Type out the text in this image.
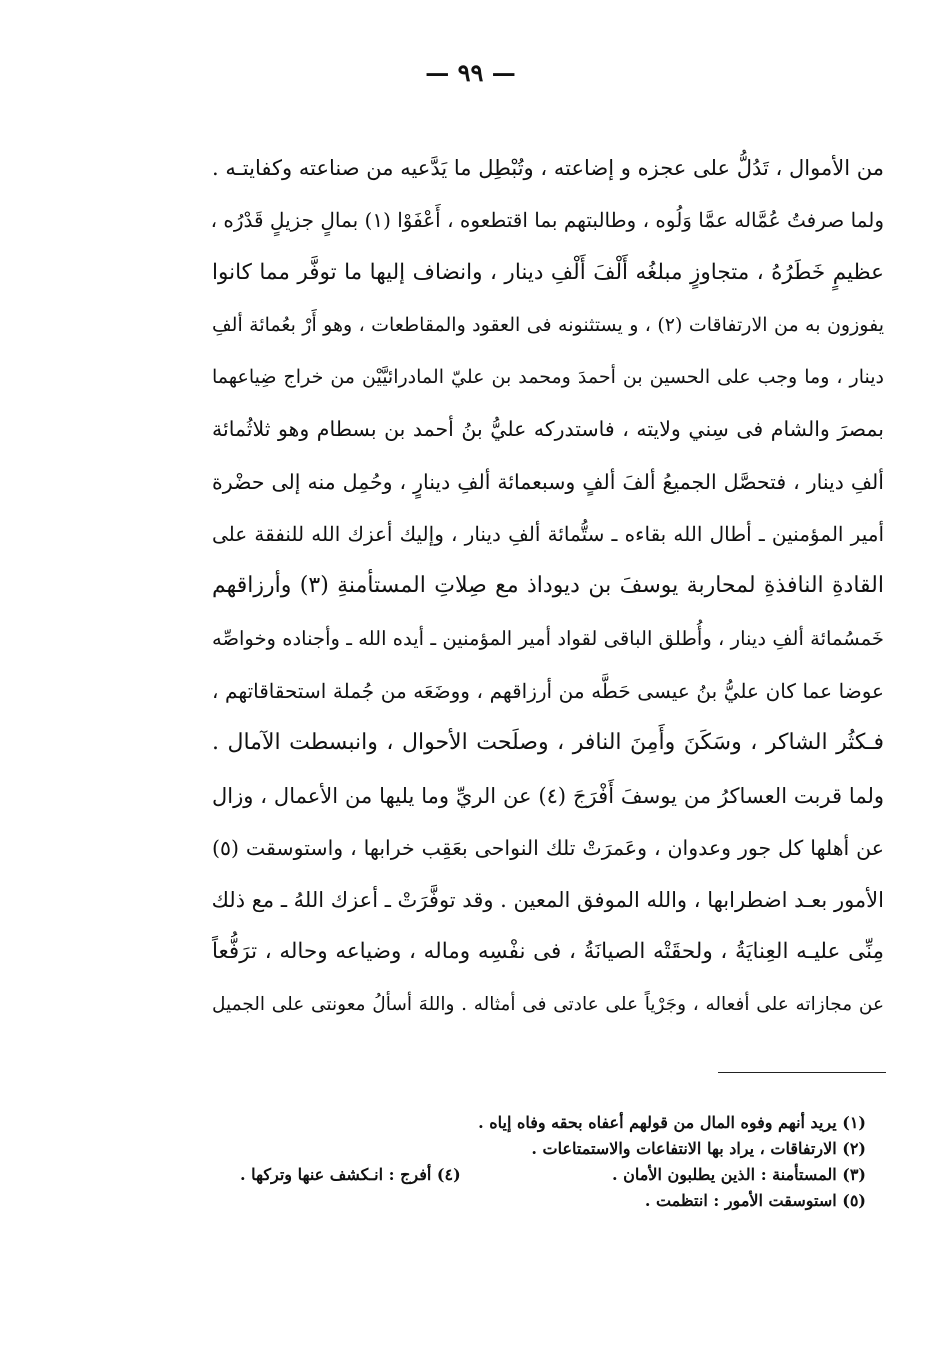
— ٩٩ —
من الأموال ، تَدُلُّ على عجزه و إضاعته ، وتُبْطِل ما يَدَّعيه من صناعته وكفايتـه .
ولما صرفتُ عُمَّاله عمَّا وَلُوه ، وطالبتهم بما اقتطعوه ، أَعْفَوْا (١) بمالٍ جزيلٍ قَدْرُه ،
عظيمٍ خَطَرُهُ ، متجاوزٍ مبلغُه أَلْفَ أَلْفِ دينار ، وانضاف إليها ما توفَّر مما كانوا
يفوزون به من الارتفاقات (٢) ، و يستثنونه فى العقود والمقاطعات ، وهو أَرْ بعُمائة ألفِ
دينار ، وما وجب على الحسين بن أحمدَ ومحمد بن عليّ المادرائيَّيْن من خراج ضِياعهما
بمصرَ والشام فى سِني ولايته ، فاستدركه عليُّ بنُ أحمد بن بسطام وهو ثلاثُمائة
ألفِ دينار ، فتحصَّل الجميعُ ألفَ ألفٍ وسبعمائة ألفِ دينارٍ ، وحُمِل منه إلى حضْرة
أمير المؤمنين ـ أطال الله بقاءه ـ ستُّمائة ألفِ دينار ، وإليك أعزك الله للنفقة على
القادةِ النافذةِ لمحاربة يوسفَ بن ديوداذ مع صِلاتِ المستأمنةِ (٣) وأرزاقهم
خَمسُمائة ألفِ دينار ، وأُطلق الباقى لقواد أمير المؤمنين ـ أيده الله ـ وأجناده وخواصِّه
عوضا عما كان عليُّ بنُ عيسى حَطَّه من أرزاقهم ، ووضَعَه من جُملة استحقاقاتهم ،
فـكثُر الشاكر ، وسَكَنَ وأَمِنَ النافر ، وصلَحت الأحوال ، وانبسطت الآمال .
ولما قربت العساكرُ من يوسفَ أَفْرَجَ (٤) عن الريِّ وما يليها من الأعمال ، وزال
عن أهلها كل جور وعدوان ، وعَمرَتْ تلك النواحى بعَقِب خرابها ، واستوسقت (٥)
الأمور بعـد اضطرابها ، والله الموفق المعين . وقد توفَّرَتْ ـ أعزك اللهُ ـ مع ذلك
مِنِّى عليـه العِنايَةُ ، ولحقَتْه الصيانَةُ ، فى نفْسِه وماله ، وضياعه وحاله ، ترَفُّعاً
عن مجازاته على أفعاله ، وجَرْياً على عادتى فى أمثاله . واللهَ أسألُ معونتى على الجميل
(١) يريد أنهم وفوه المال من قولهم أعفاه بحقه وفاه إياه .
(٢) الارتفاقات ، يراد بها الانتفاعات والاستمتاعات .
(٣) المستأمنة : الذين يطلبون الأمان .
(٤) أفرج : انـكشف عنها وتركها .
(٥) استوسقت الأمور : انتظمت .
